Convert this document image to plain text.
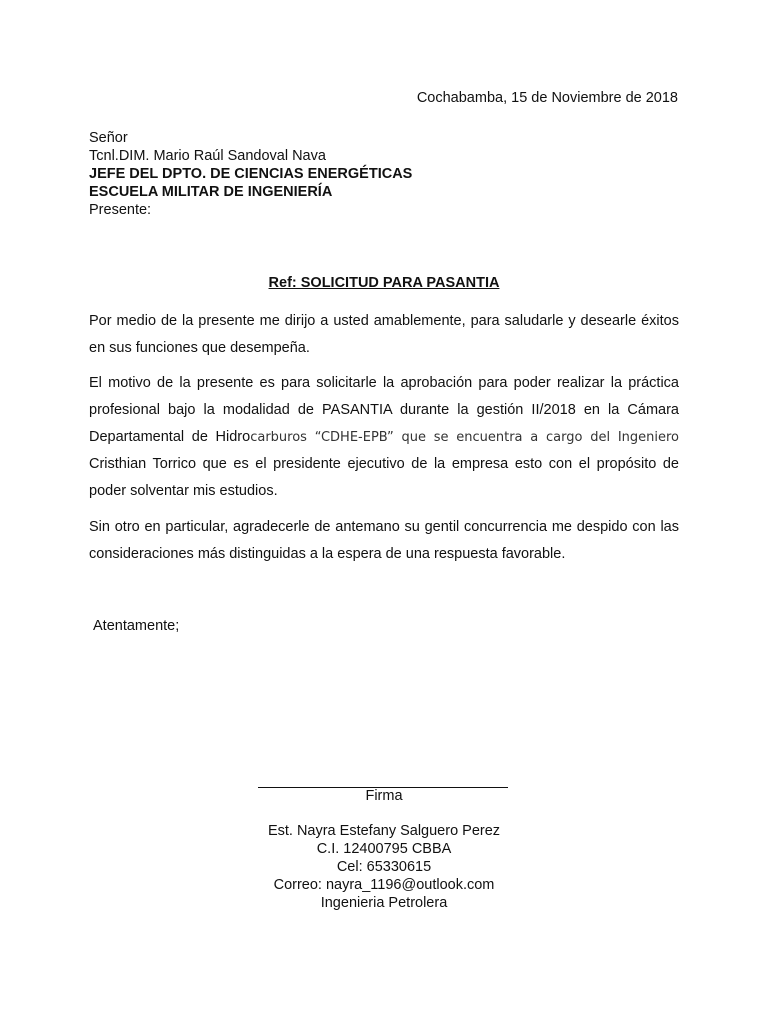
Cochabamba, 15 de Noviembre de 2018
Señor
Tcnl.DIM. Mario Raúl Sandoval Nava
JEFE DEL DPTO. DE CIENCIAS ENERGÉTICAS
ESCUELA MILITAR DE INGENIERÍA
Presente:
Ref: SOLICITUD PARA PASANTIA
Por medio de la presente me dirijo a usted amablemente, para saludarle y desearle éxitos en sus funciones que desempeña.
El motivo de la presente es para solicitarle la aprobación para poder realizar la práctica profesional bajo la modalidad de PASANTIA durante la gestión II/2018 en la Cámara Departamental de Hidrocarburos “CDHE-EPB” que se encuentra a cargo del Ingeniero Cristhian Torrico que es el presidente ejecutivo de la empresa esto con el propósito de poder solventar mis estudios.
Sin otro en particular, agradecerle de antemano su gentil concurrencia me despido con las consideraciones más distinguidas a la espera de una respuesta favorable.
Atentamente;
Firma
Est. Nayra Estefany Salguero Perez
C.I. 12400795 CBBA
Cel: 65330615
Correo: nayra_1196@outlook.com
Ingenieria Petrolera
